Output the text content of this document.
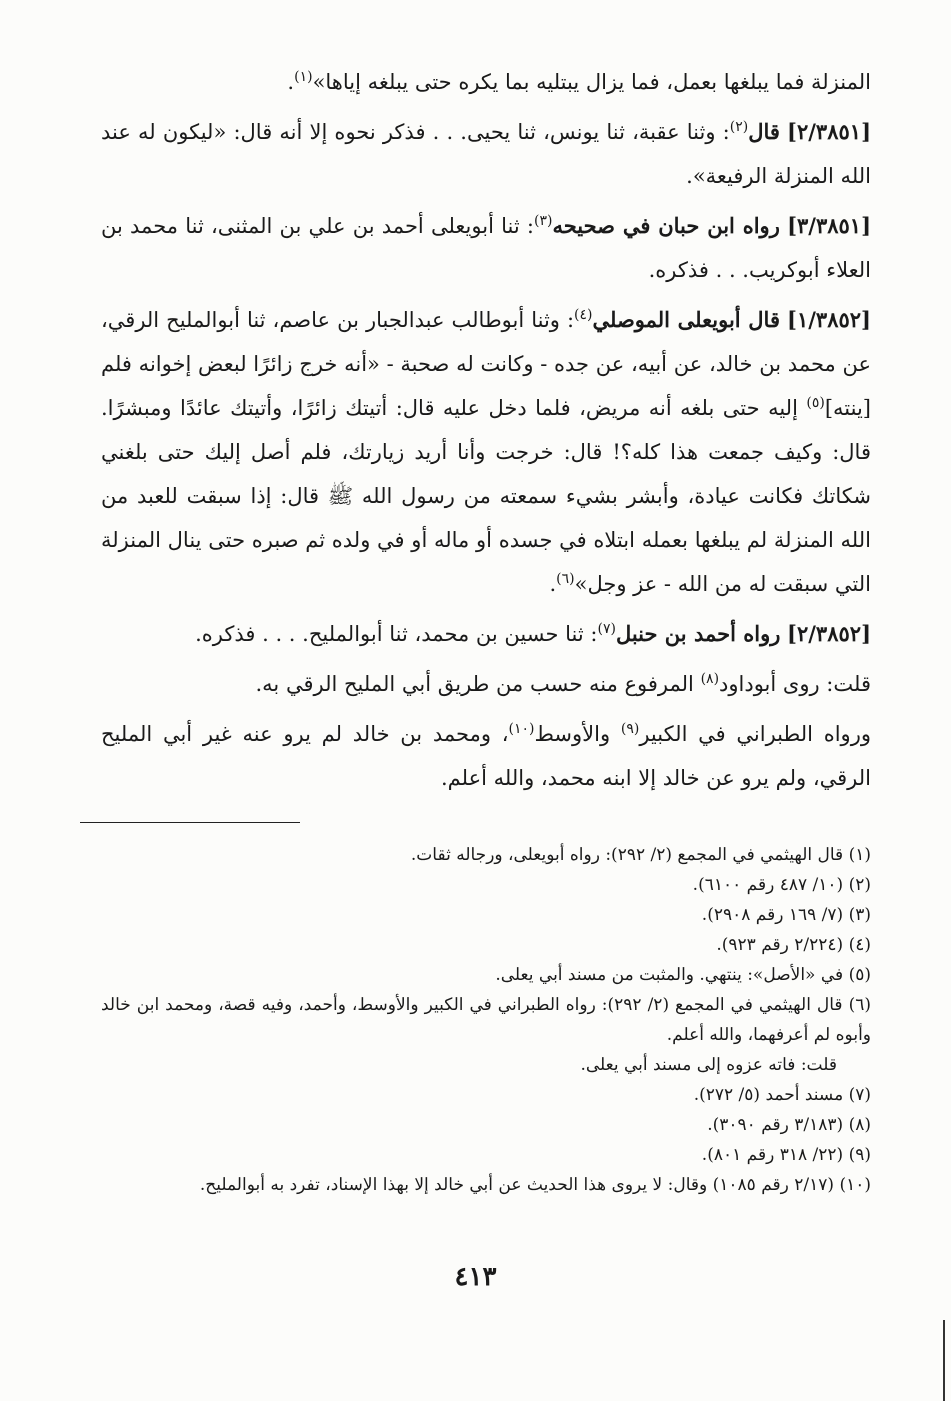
المنزلة فما يبلغها بعمل، فما يزال يبتليه بما يكره حتى يبلغه إياها»$^{(١)}$.

[٢/٣٨٥١] قال$^{(٢)}$: وثنا عقبة، ثنا يونس، ثنا يحيى. . . فذكر نحوه إلا أنه قال: «ليكون له عند الله المنزلة الرفيعة».

[٣/٣٨٥١] رواه ابن حبان في صحيحه$^{(٣)}$: ثنا أبويعلى أحمد بن علي بن المثنى، ثنا محمد بن العلاء أبوكريب. . . فذكره.

[١/٣٨٥٢] قال أبويعلى الموصلي$^{(٤)}$: وثنا أبوطالب عبدالجبار بن عاصم، ثنا أبوالمليح الرقي، عن محمد بن خالد، عن أبيه، عن جده - وكانت له صحبة - «أنه خرج زائرًا لبعض إخوانه فلم [ينته]$^{(٥)}$ إليه حتى بلغه أنه مريض، فلما دخل عليه قال: أتيتك زائرًا، وأتيتك عائدًا ومبشرًا. قال: وكيف جمعت هذا كله؟! قال: خرجت وأنا أريد زيارتك، فلم أصل إليك حتى بلغني شكاتك فكانت عيادة، وأبشر بشيء سمعته من رسول الله ﷺ قال: إذا سبقت للعبد من الله المنزلة لم يبلغها بعمله ابتلاه في جسده أو ماله أو في ولده ثم صبره حتى ينال المنزلة التي سبقت له من الله - عز وجل»$^{(٦)}$.

[٢/٣٨٥٢] رواه أحمد بن حنبل$^{(٧)}$: ثنا حسين بن محمد، ثنا أبوالمليح. . . . فذكره.

قلت: روى أبوداود$^{(٨)}$ المرفوع منه حسب من طريق أبي المليح الرقي به.

ورواه الطبراني في الكبير$^{(٩)}$ والأوسط$^{(١٠)}$، ومحمد بن خالد لم يرو عنه غير أبي المليح الرقي، ولم يرو عن خالد إلا ابنه محمد، والله أعلم.

(١) قال الهيثمي في المجمع (٢/ ٢٩٢): رواه أبويعلى، ورجاله ثقات.

(٢) (١٠/ ٤٨٧ رقم ٦١٠٠).

(٣) (٧/ ١٦٩ رقم ٢٩٠٨).

(٤) (٢/٢٢٤ رقم ٩٢٣).

(٥) في «الأصل»: ينتهي. والمثبت من مسند أبي يعلى.

(٦) قال الهيثمي في المجمع (٢/ ٢٩٢): رواه الطبراني في الكبير والأوسط، وأحمد، وفيه قصة، ومحمد ابن خالد وأبوه لم أعرفهما، والله أعلم.
قلت: فاته عزوه إلى مسند أبي يعلى.

(٧) مسند أحمد (٥/ ٢٧٢).

(٨) (٣/١٨٣ رقم ٣٠٩٠).

(٩) (٢٢/ ٣١٨ رقم ٨٠١).

(١٠) (٢/١٧ رقم ١٠٨٥) وقال: لا يروى هذا الحديث عن أبي خالد إلا بهذا الإسناد، تفرد به أبوالمليح.

٤١٣
